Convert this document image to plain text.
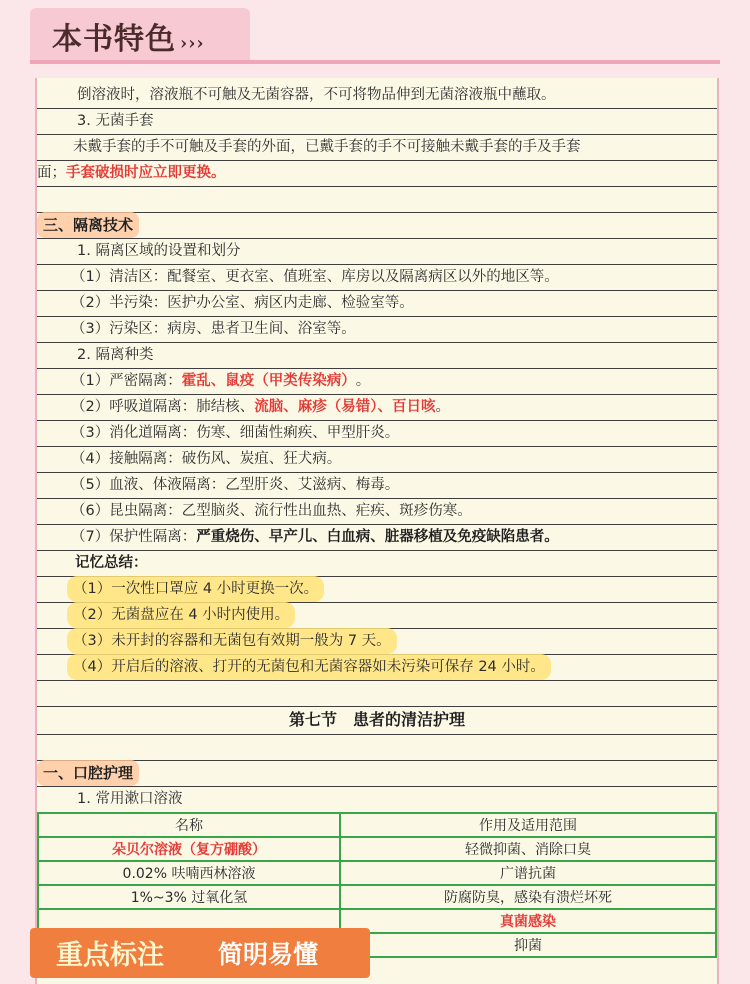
本书特色 ›››
倒溶液时，溶液瓶不可触及无菌容器，不可将物品伸到无菌溶液瓶中蘸取。
3. 无菌手套
未戴手套的手不可触及手套的外面，已戴手套的手不可接触未戴手套的手及手套
面；手套破损时应立即更换。
三、隔离技术
1. 隔离区域的设置和划分
（1）清洁区：配餐室、更衣室、值班室、库房以及隔离病区以外的地区等。
（2）半污染：医护办公室、病区内走廊、检验室等。
（3）污染区：病房、患者卫生间、浴室等。
2. 隔离种类
（1）严密隔离：霍乱、鼠疫（甲类传染病）。
（2）呼吸道隔离：肺结核、流脑、麻疹（易错）、百日咳。
（3）消化道隔离：伤寒、细菌性痢疾、甲型肝炎。
（4）接触隔离：破伤风、炭疽、狂犬病。
（5）血液、体液隔离：乙型肝炎、艾滋病、梅毒。
（6）昆虫隔离：乙型脑炎、流行性出血热、疟疾、斑疹伤寒。
（7）保护性隔离：严重烧伤、早产儿、白血病、脏器移植及免疫缺陷患者。
记忆总结：
（1）一次性口罩应 4 小时更换一次。
（2）无菌盘应在 4 小时内使用。
（3）未开封的容器和无菌包有效期一般为 7 天。
（4）开启后的溶液、打开的无菌包和无菌容器如未污染可保存 24 小时。
第七节　患者的清洁护理
一、口腔护理
1. 常用漱口溶液
名称	作用及适用范围
朵贝尔溶液（复方硼酸）	轻微抑菌、消除口臭
0.02% 呋喃西林溶液	广谱抗菌
1%~3% 过氧化氢	防腐防臭，感染有溃烂坏死
	真菌感染
	抑菌
重点标注 简明易懂
